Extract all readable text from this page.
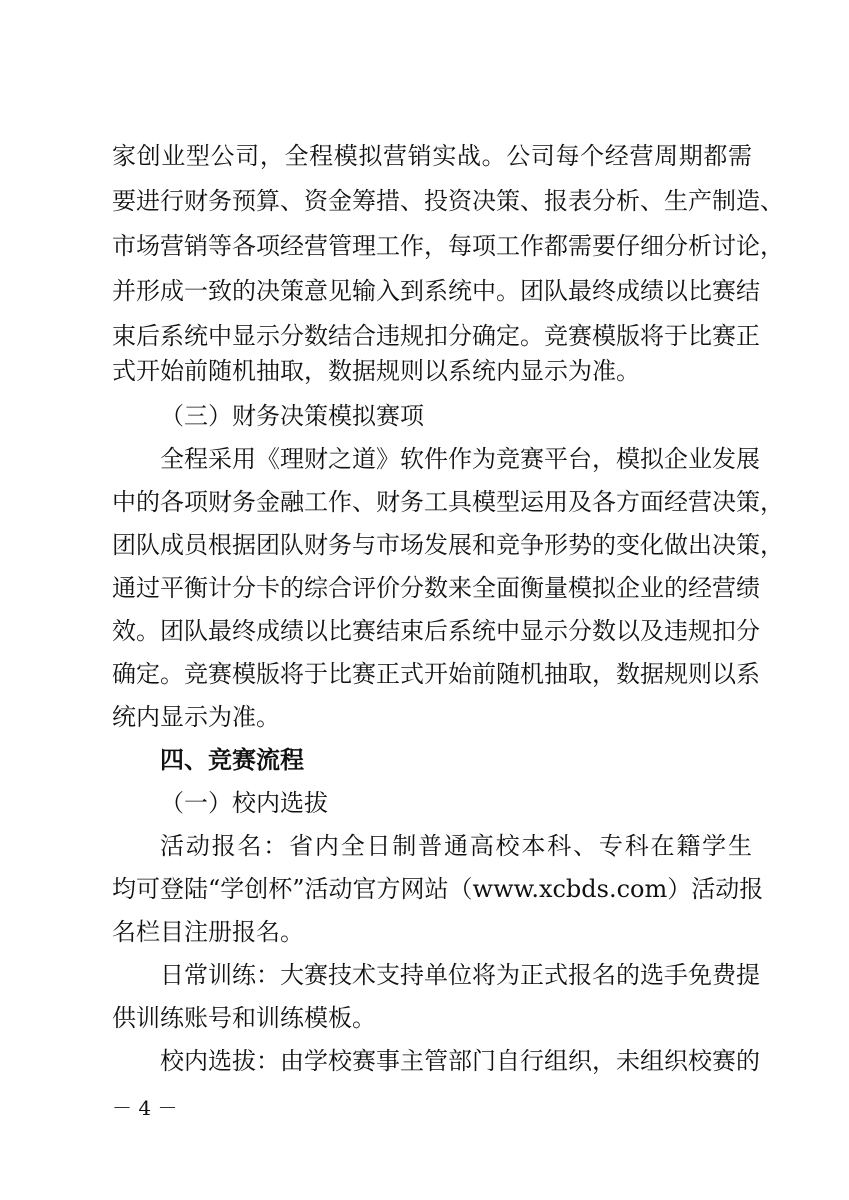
家创业型公司，全程模拟营销实战。公司每个经营周期都需
要进行财务预算、资金筹措、投资决策、报表分析、生产制造、
市场营销等各项经营管理工作，每项工作都需要仔细分析讨论，
并形成一致的决策意见输入到系统中。团队最终成绩以比赛结
束后系统中显示分数结合违规扣分确定。竞赛模版将于比赛正
式开始前随机抽取，数据规则以系统内显示为准。
（三）财务决策模拟赛项
全程采用《理财之道》软件作为竞赛平台，模拟企业发展
中的各项财务金融工作、财务工具模型运用及各方面经营决策，
团队成员根据团队财务与市场发展和竞争形势的变化做出决策，
通过平衡计分卡的综合评价分数来全面衡量模拟企业的经营绩
效。团队最终成绩以比赛结束后系统中显示分数以及违规扣分
确定。竞赛模版将于比赛正式开始前随机抽取，数据规则以系
统内显示为准。
四、竞赛流程
（一）校内选拔
活动报名：省内全日制普通高校本科、专科在籍学生
均可登陆“学创杯”活动官方网站（www.xcbds.com）活动报
名栏目注册报名。
日常训练：大赛技术支持单位将为正式报名的选手免费提
供训练账号和训练模板。
校内选拔：由学校赛事主管部门自行组织，未组织校赛的
－ 4 －
